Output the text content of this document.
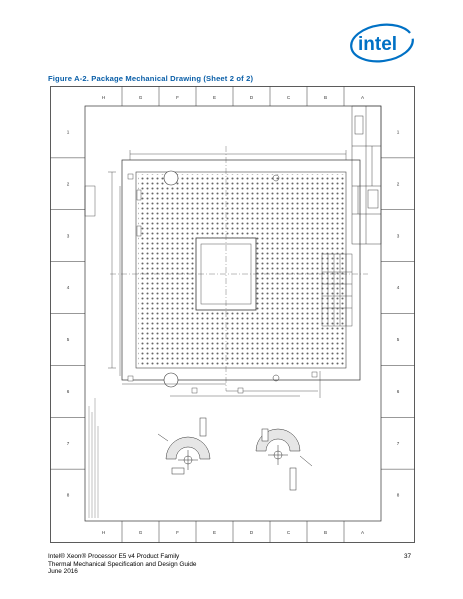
intel
Figure A-2. Package Mechanical Drawing (Sheet 2 of 2)
H
H
G
G
F
F
E
E
D
D
C
C
B
B
A
A
1	1
2	2
3	3
4	4
5	5
6	6
7	7
8	8
Intel® Xeon® Processor E5 v4 Product Family
Thermal Mechanical Specification and Design Guide
June 2016
37
